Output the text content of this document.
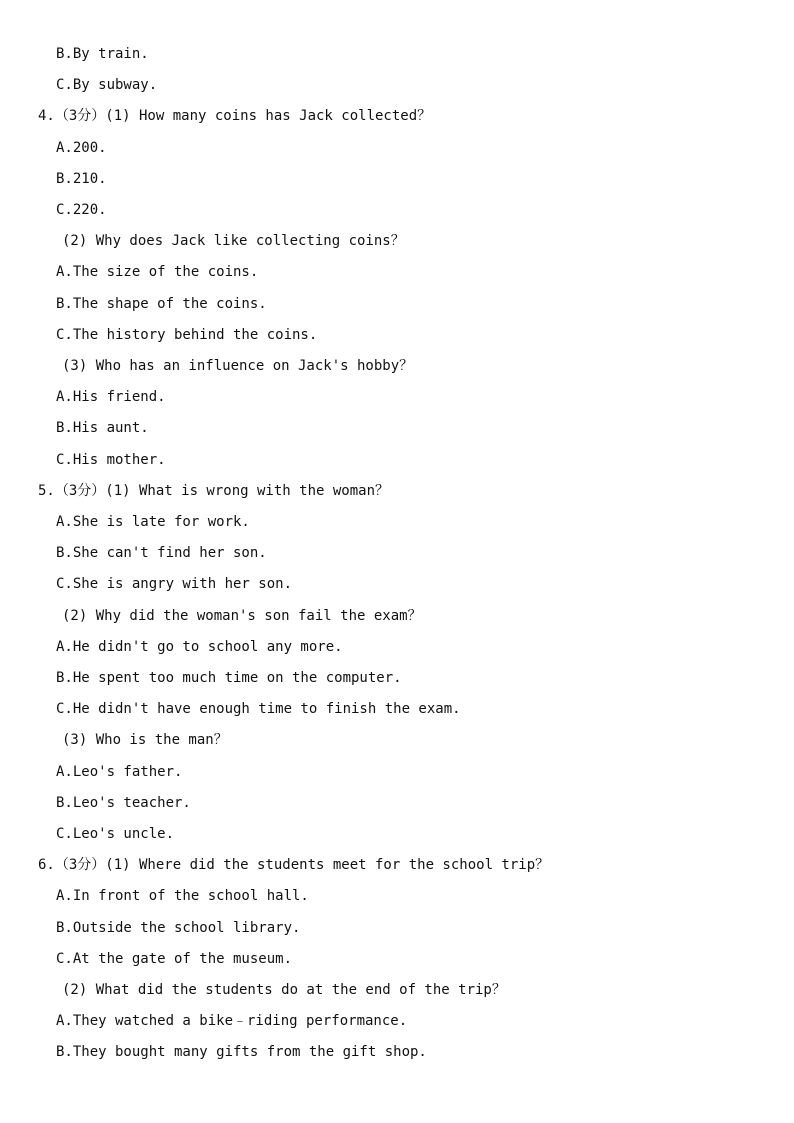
B.By train.
C.By subway.
4.（3分）(1) How many coins has Jack collected？
A.200.
B.210.
C.220.
(2) Why does Jack like collecting coins？
A.The size of the coins.
B.The shape of the coins.
C.The history behind the coins.
(3) Who has an influence on Jack's hobby？
A.His friend.
B.His aunt.
C.His mother.
5.（3分）(1) What is wrong with the woman？
A.She is late for work.
B.She can't find her son.
C.She is angry with her son.
(2) Why did the woman's son fail the exam？
A.He didn't go to school any more.
B.He spent too much time on the computer.
C.He didn't have enough time to finish the exam.
(3) Who is the man？
A.Leo's father.
B.Leo's teacher.
C.Leo's uncle.
6.（3分）(1) Where did the students meet for the school trip？
A.In front of the school hall.
B.Outside the school library.
C.At the gate of the museum.
(2) What did the students do at the end of the trip？
A.They watched a bike﹣riding performance.
B.They bought many gifts from the gift shop.
